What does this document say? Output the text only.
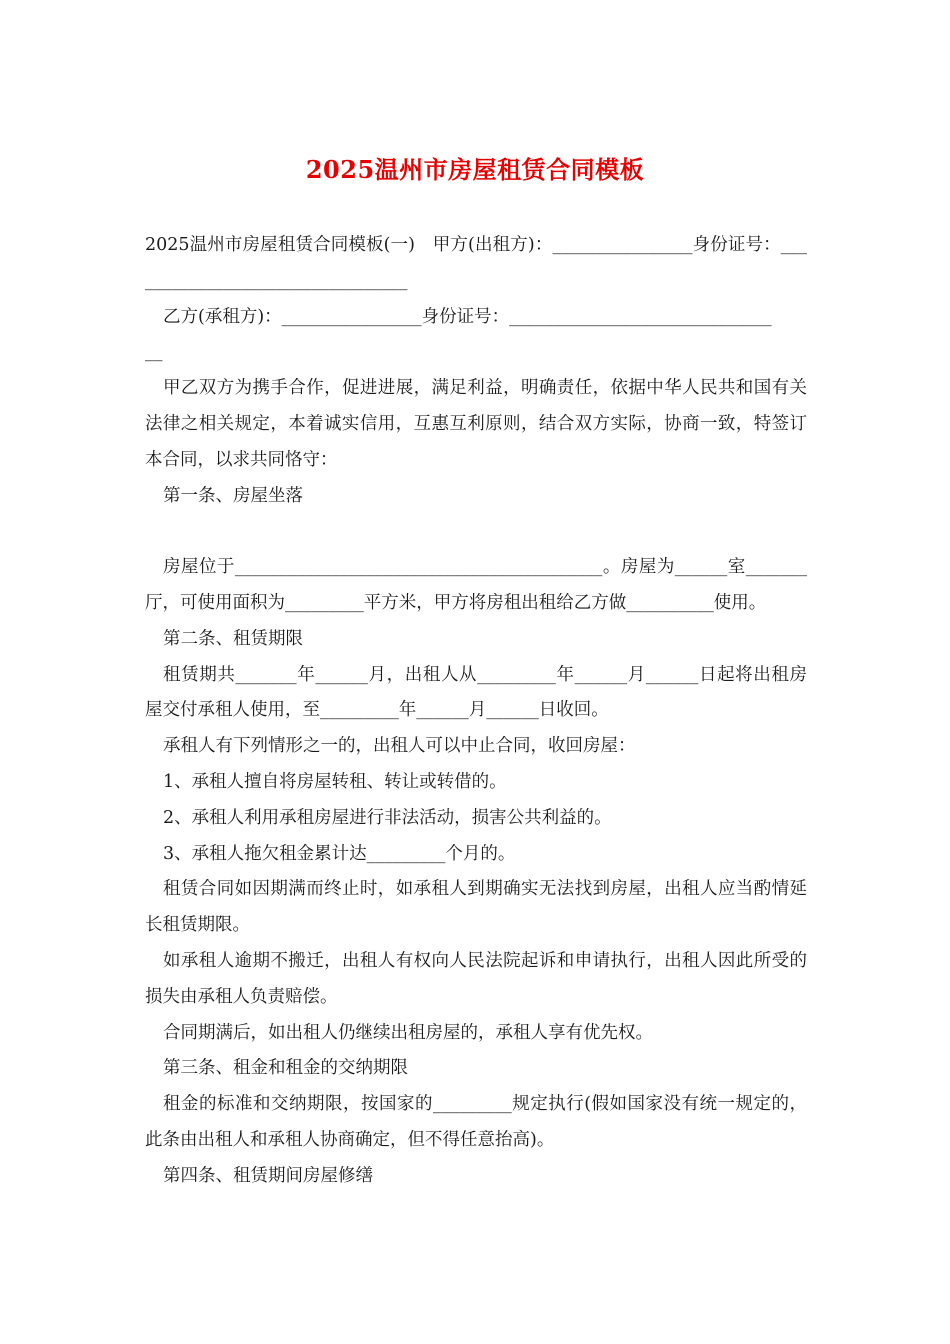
2025温州市房屋租赁合同模板

2025温州市房屋租赁合同模板(一)　甲方(出租方)：________________身份证号：_________________________________

乙方(承租方)：________________身份证号：______________________________

__

甲乙双方为携手合作，促进进展，满足利益，明确责任，依据中华人民共和国有关法律之相关规定，本着诚实信用，互惠互利原则，结合双方实际，协商一致，特签订本合同，以求共同恪守：

第一条、房屋坐落

房屋位于__________________________________________。房屋为______室_______厅，可使用面积为_________平方米，甲方将房租出租给乙方做__________使用。

第二条、租赁期限

租赁期共_______年______月，出租人从_________年______月______日起将出租房屋交付承租人使用，至_________年______月______日收回。

承租人有下列情形之一的，出租人可以中止合同，收回房屋：

1、承租人擅自将房屋转租、转让或转借的。

2、承租人利用承租房屋进行非法活动，损害公共利益的。

3、承租人拖欠租金累计达_________个月的。

租赁合同如因期满而终止时，如承租人到期确实无法找到房屋，出租人应当酌情延长租赁期限。

如承租人逾期不搬迁，出租人有权向人民法院起诉和申请执行，出租人因此所受的损失由承租人负责赔偿。

合同期满后，如出租人仍继续出租房屋的，承租人享有优先权。

第三条、租金和租金的交纳期限

租金的标准和交纳期限，按国家的_________规定执行(假如国家没有统一规定的，此条由出租人和承租人协商确定，但不得任意抬高)。

第四条、租赁期间房屋修缮
